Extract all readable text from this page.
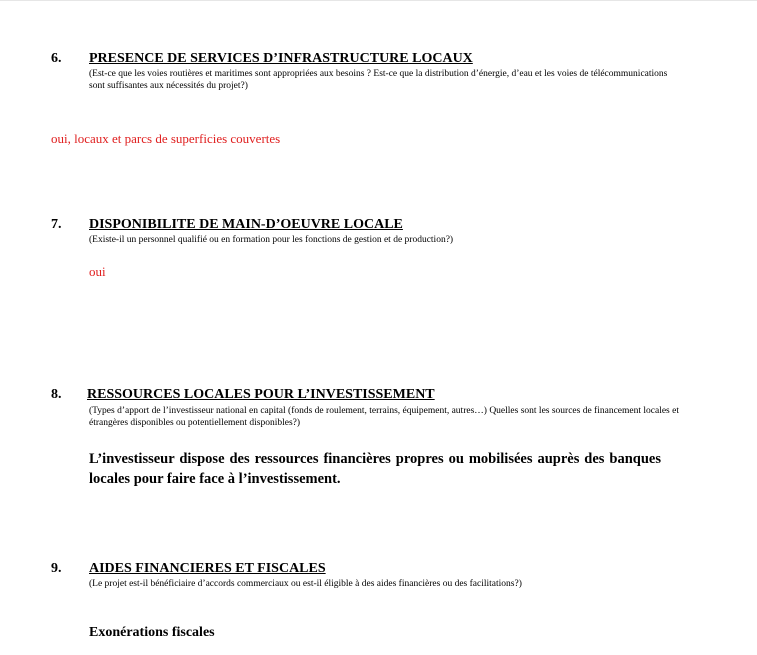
6. PRESENCE DE SERVICES D’INFRASTRUCTURE LOCAUX
(Est-ce que les voies routières et maritimes sont appropriées aux besoins ? Est-ce que la distribution d’énergie, d’eau et les voies de télécommunications sont suffisantes aux nécessités du projet?)
oui, locaux et parcs de superficies couvertes
7. DISPONIBILITE DE MAIN-D’OEUVRE LOCALE
(Existe-il un personnel qualifié ou en formation pour les fonctions de gestion et de production?)
oui
8. RESSOURCES LOCALES POUR L’INVESTISSEMENT
(Types d’apport de l’investisseur national en capital (fonds de roulement, terrains, équipement, autres…) Quelles sont les sources de financement locales et étrangères disponibles ou potentiellement disponibles?)
L’investisseur dispose des ressources financières propres ou mobilisées auprès des banques locales pour faire face à l’investissement.
9. AIDES FINANCIERES ET FISCALES
(Le projet est-il bénéficiaire d’accords commerciaux ou est-il éligible à des aides financières ou des facilitations?)
Exonérations fiscales
